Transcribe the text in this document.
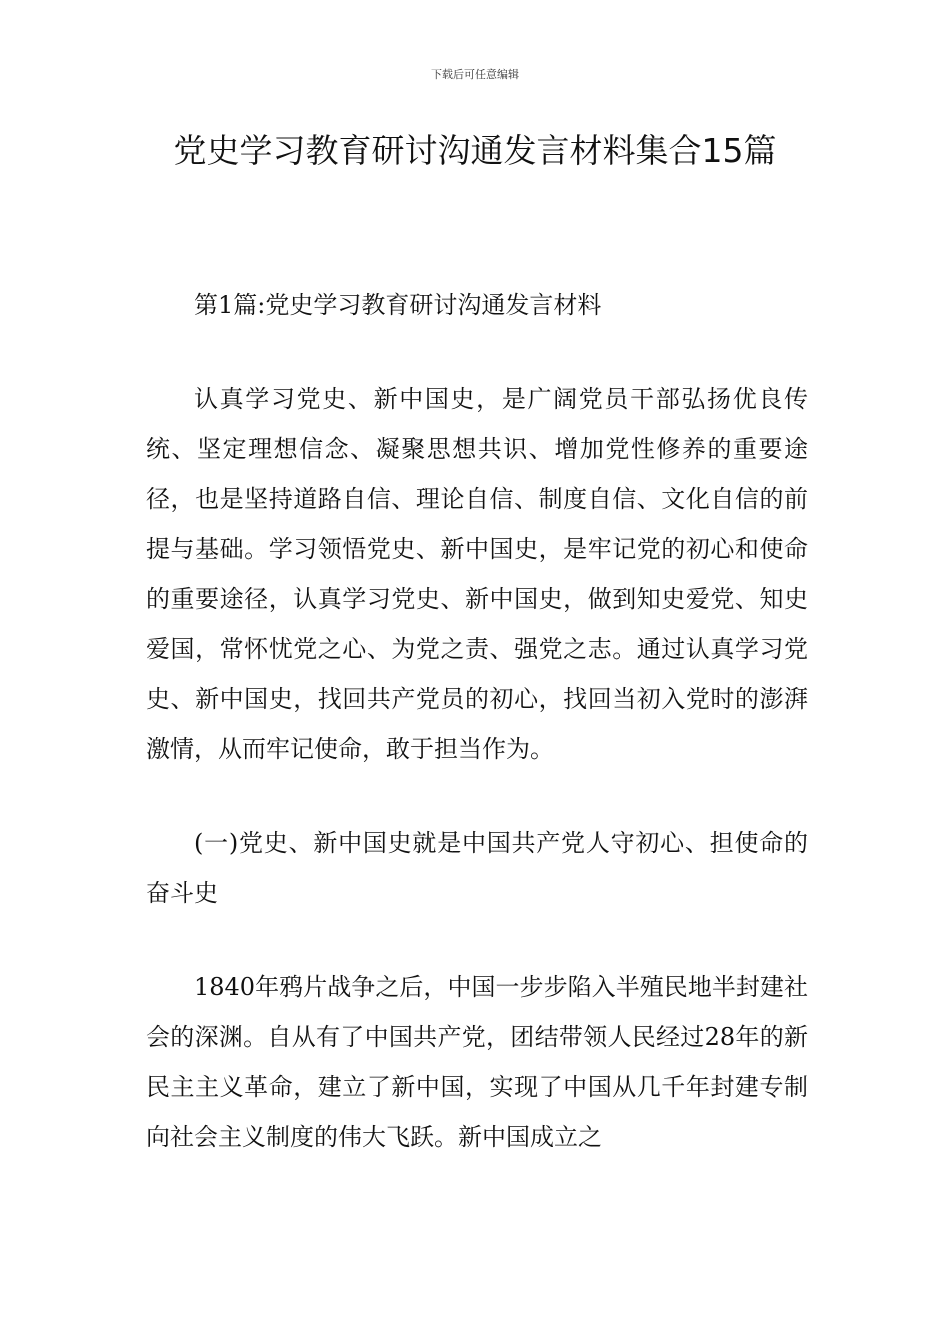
下载后可任意编辑
党史学习教育研讨沟通发言材料集合15篇

第1篇:党史学习教育研讨沟通发言材料

认真学习党史、新中国史，是广阔党员干部弘扬优良传统、坚定理想信念、凝聚思想共识、增加党性修养的重要途径，也是坚持道路自信、理论自信、制度自信、文化自信的前提与基础。学习领悟党史、新中国史，是牢记党的初心和使命的重要途径，认真学习党史、新中国史，做到知史爱党、知史爱国，常怀忧党之心、为党之责、强党之志。通过认真学习党史、新中国史，找回共产党员的初心，找回当初入党时的澎湃激情，从而牢记使命，敢于担当作为。

(一)党史、新中国史就是中国共产党人守初心、担使命的奋斗史

1840年鸦片战争之后，中国一步步陷入半殖民地半封建社会的深渊。自从有了中国共产党，团结带领人民经过28年的新民主主义革命，建立了新中国，实现了中国从几千年封建专制向社会主义制度的伟大飞跃。新中国成立之
